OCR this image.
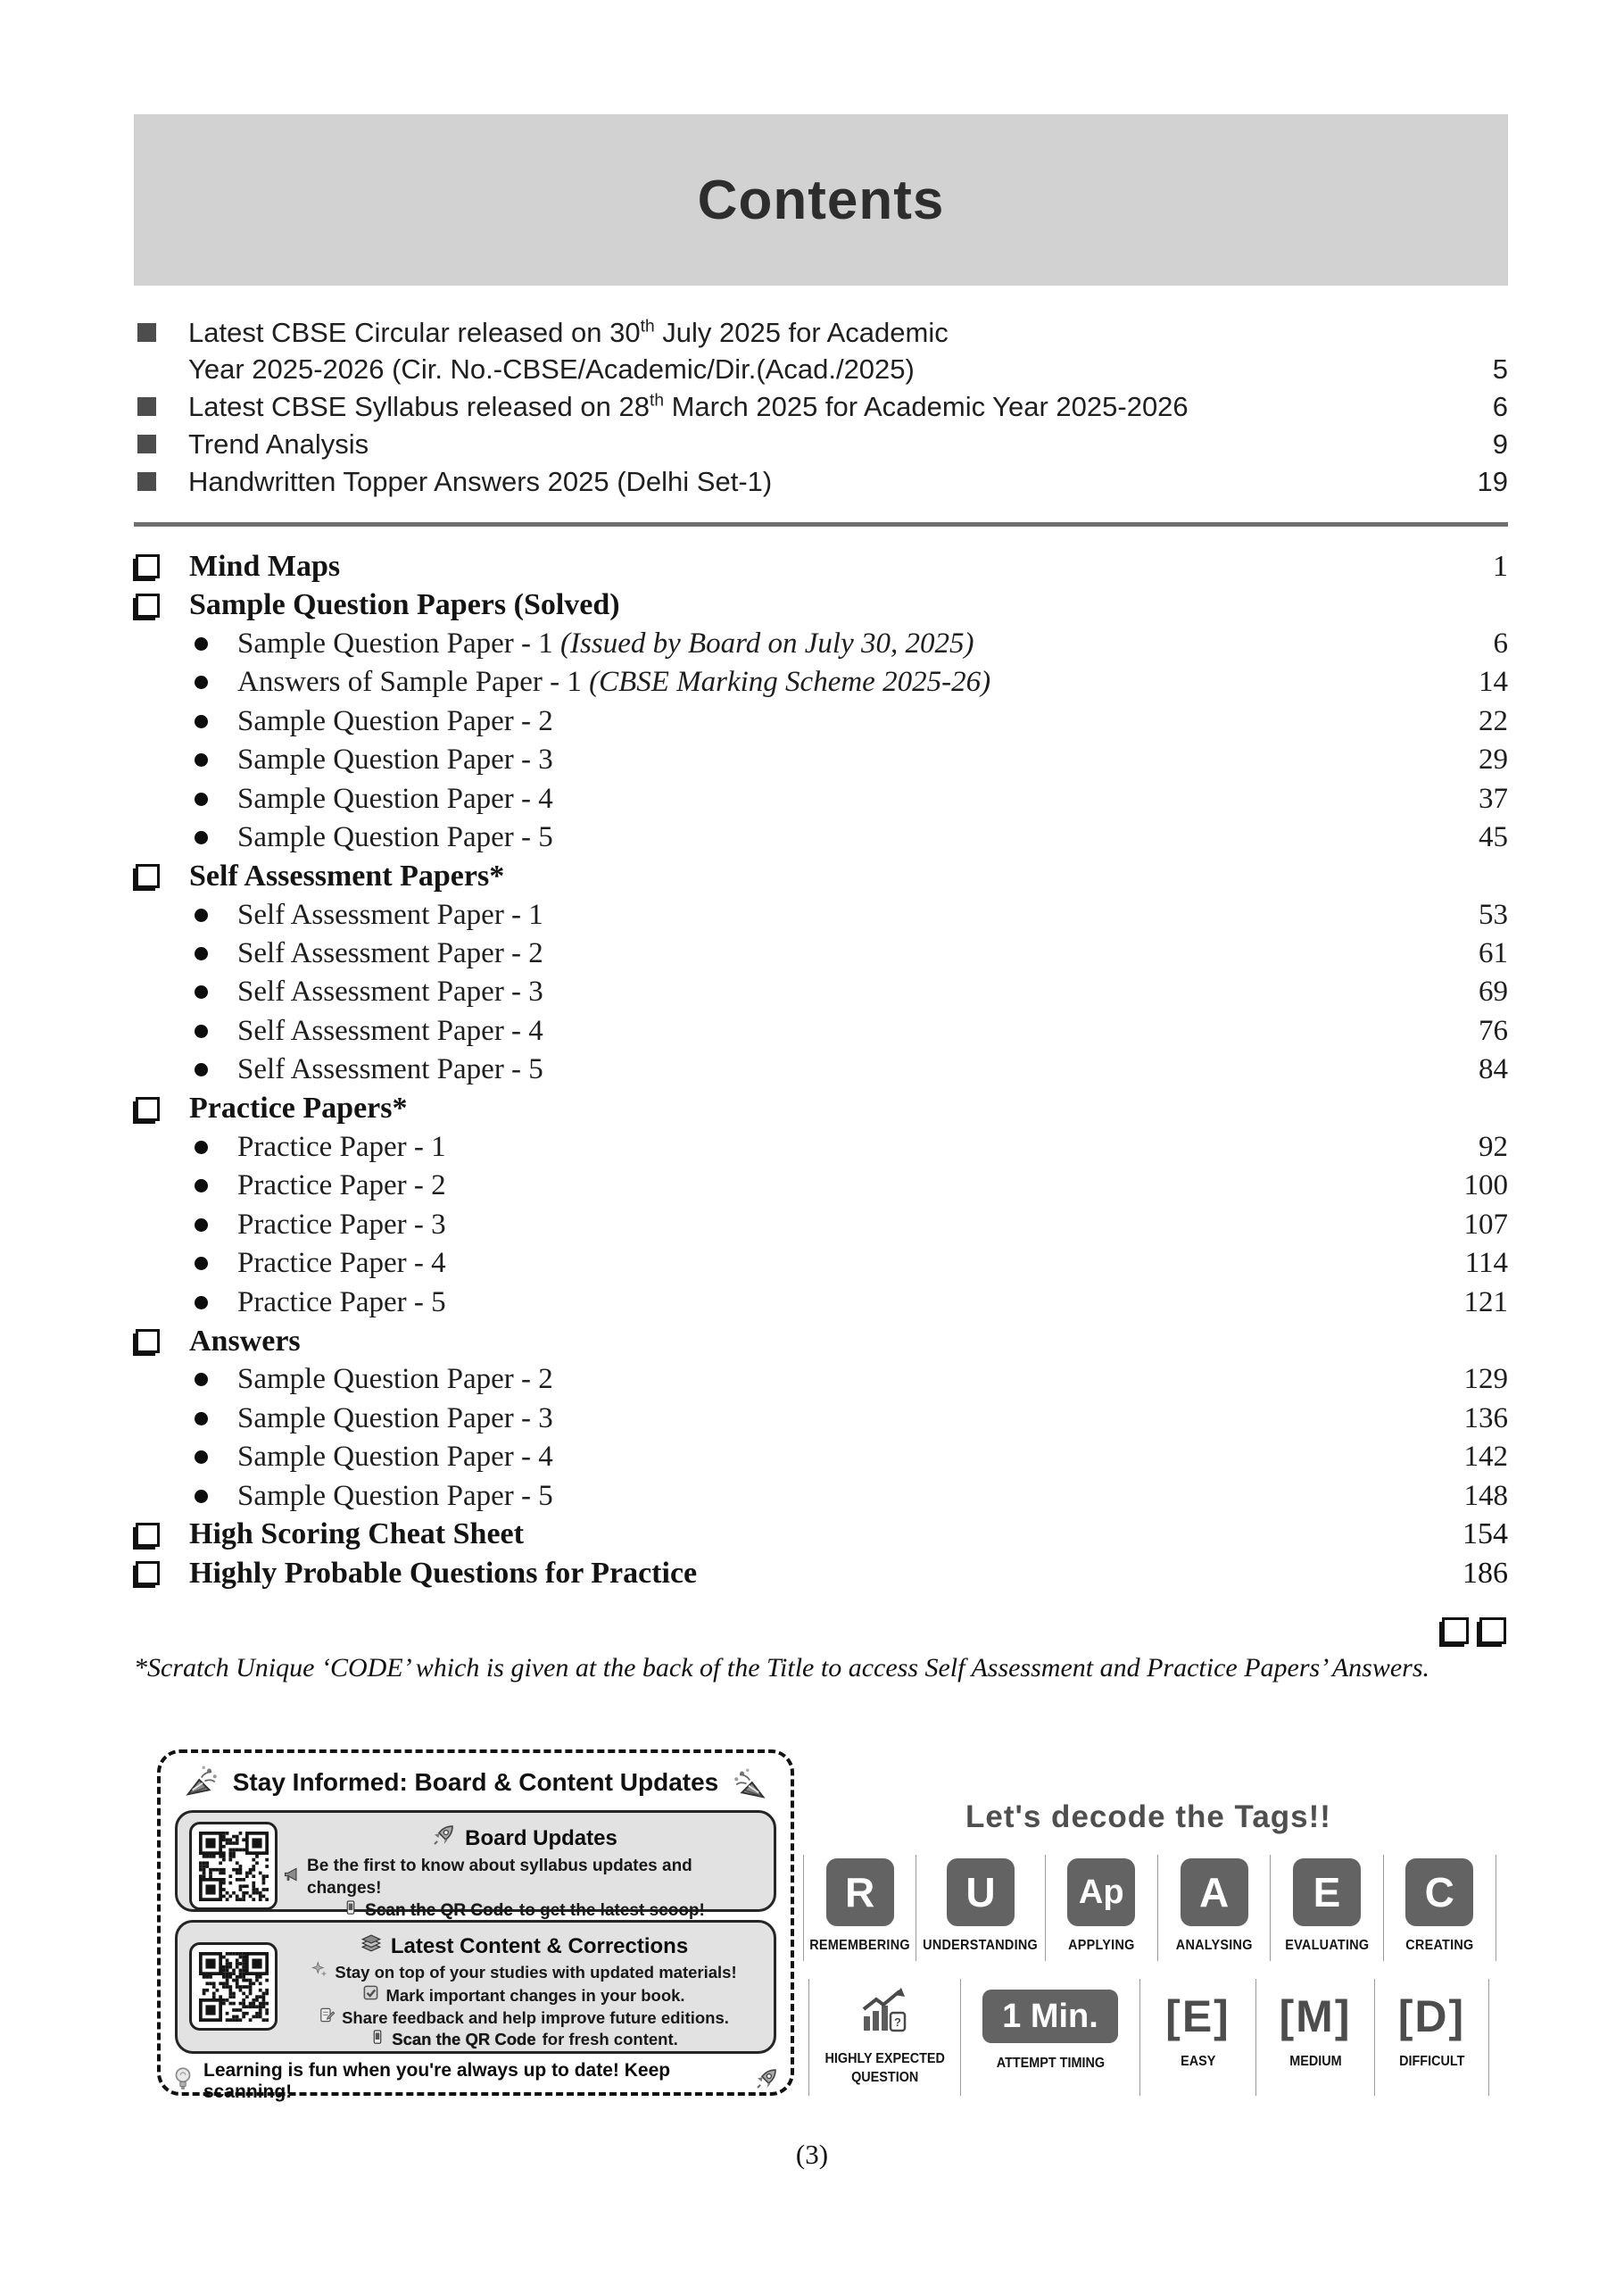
Contents
Latest CBSE Circular released on 30th July 2025 for Academic
Year 2025-2026 (Cir. No.-CBSE/Academic/Dir.(Acad./2025)	5
Latest CBSE Syllabus released on 28th March 2025 for Academic Year 2025-2026	6
Trend Analysis	9
Handwritten Topper Answers 2025 (Delhi Set-1)	19
Mind Maps	1
Sample Question Papers (Solved)
Sample Question Paper - 1 (Issued by Board on July 30, 2025)	6
Answers of Sample Paper - 1 (CBSE Marking Scheme 2025-26)	14
Sample Question Paper - 2	22
Sample Question Paper - 3	29
Sample Question Paper - 4	37
Sample Question Paper - 5	45
Self Assessment Papers*
Self Assessment Paper - 1	53
Self Assessment Paper - 2	61
Self Assessment Paper - 3	69
Self Assessment Paper - 4	76
Self Assessment Paper - 5	84
Practice Papers*
Practice Paper - 1	92
Practice Paper - 2	100
Practice Paper - 3	107
Practice Paper - 4	114
Practice Paper - 5	121
Answers
Sample Question Paper - 2	129
Sample Question Paper - 3	136
Sample Question Paper - 4	142
Sample Question Paper - 5	148
High Scoring Cheat Sheet	154
Highly Probable Questions for Practice	186
*Scratch Unique ‘CODE’ which is given at the back of the Title to access Self Assessment and Practice Papers’ Answers.
Stay Informed: Board & Content Updates
Board Updates
Be the first to know about syllabus updates and changes!
Scan the QR Code to get the latest scoop!
Latest Content & Corrections
Stay on top of your studies with updated materials!
Mark important changes in your book.
Share feedback and help improve future editions.
Scan the QR Code for fresh content.
Learning is fun when you're always up to date! Keep scanning!
Let's decode the Tags!!
R
REMEMBERING
U
UNDERSTANDING
Ap
APPLYING
A
ANALYSING
E
EVALUATING
C
CREATING
?
HIGHLY EXPECTED
QUESTION
1 Min.
ATTEMPT TIMING
[E]
EASY
[M]
MEDIUM
[D]
DIFFICULT
(3)
